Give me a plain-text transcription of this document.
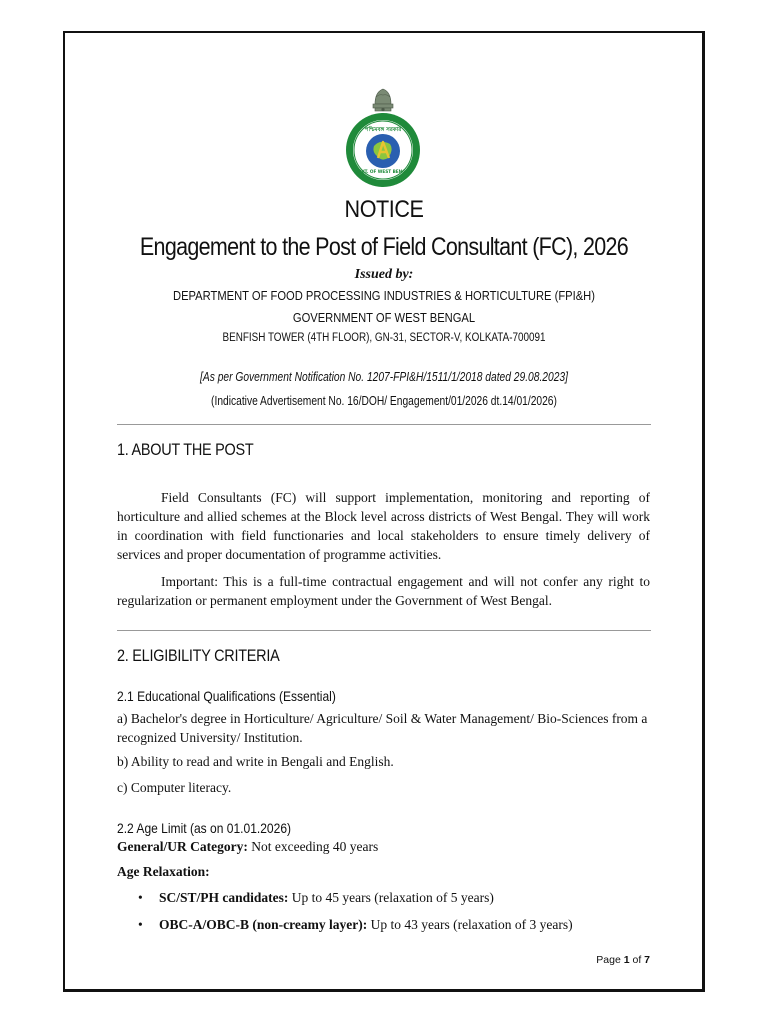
পশ্চিমবঙ্গ সরকার
GOVT. OF WEST BENGAL
NOTICE
Engagement to the Post of Field Consultant (FC), 2026
Issued by:
DEPARTMENT OF FOOD PROCESSING INDUSTRIES & HORTICULTURE (FPI&H)
GOVERNMENT OF WEST BENGAL
BENFISH TOWER (4TH FLOOR), GN-31, SECTOR-V, KOLKATA-700091
[As per Government Notification No. 1207-FPI&H/1511/1/2018 dated 29.08.2023]
(Indicative Advertisement No. 16/DOH/ Engagement/01/2026 dt.14/01/2026)
1. ABOUT THE POST

Field Consultants (FC) will support implementation, monitoring and reporting of horticulture and allied schemes at the Block level across districts of West Bengal. They will work in coordination with field functionaries and local stakeholders to ensure timely delivery of services and proper documentation of programme activities.

Important: This is a full-time contractual engagement and will not confer any right to regularization or permanent employment under the Government of West Bengal.

2. ELIGIBILITY CRITERIA
2.1 Educational Qualifications (Essential)

a) Bachelor's degree in Horticulture/ Agriculture/ Soil & Water Management/ Bio-Sciences from a recognized University/ Institution.

b) Ability to read and write in Bengali and English.
c) Computer literacy.
2.2 Age Limit (as on 01.01.2026)
General/UR Category: Not exceeding 40 years
Age Relaxation:
• SC/ST/PH candidates: Up to 45 years (relaxation of 5 years)
• OBC-A/OBC-B (non-creamy layer): Up to 43 years (relaxation of 3 years)
Page 1 of 7
